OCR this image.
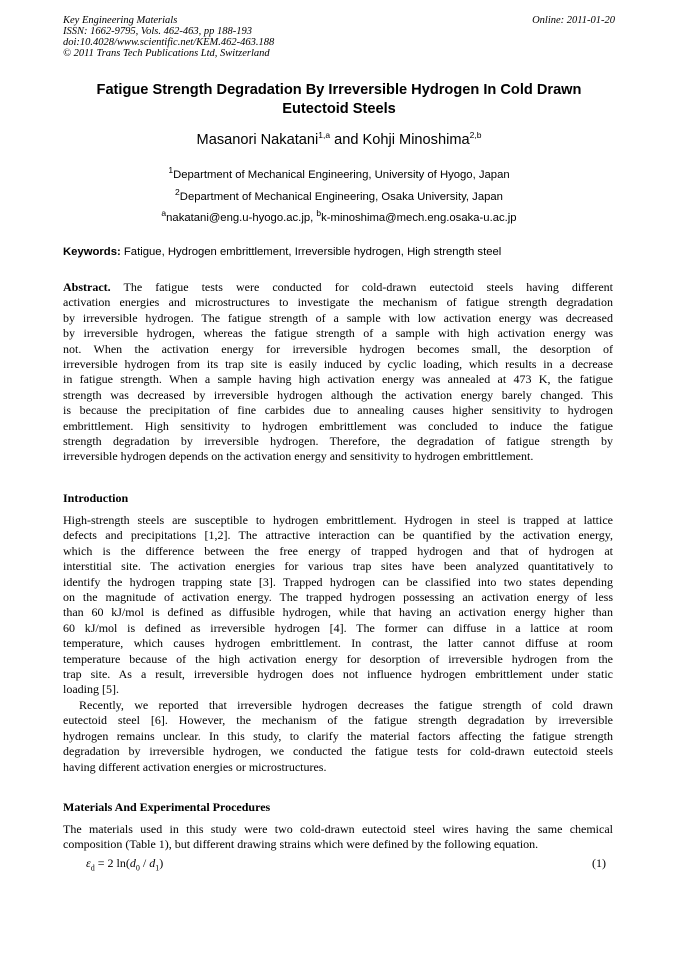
Key Engineering Materials
ISSN: 1662-9795, Vols. 462-463, pp 188-193
doi:10.4028/www.scientific.net/KEM.462-463.188
© 2011 Trans Tech Publications Ltd, Switzerland
Online: 2011-01-20
Fatigue Strength Degradation By Irreversible Hydrogen In Cold Drawn
Eutectoid Steels
Masanori Nakatani$^{1,a}$ and Kohji Minoshima$^{2,b}$
$^1$Department of Mechanical Engineering, University of Hyogo, Japan
$^2$Department of Mechanical Engineering, Osaka University, Japan
$^a$nakatani@eng.u-hyogo.ac.jp, $^b$k-minoshima@mech.eng.osaka-u.ac.jp
Keywords: Fatigue, Hydrogen embrittlement, Irreversible hydrogen, High strength steel
Abstract. The fatigue tests were conducted for cold-drawn eutectoid steels having different
activation energies and microstructures to investigate the mechanism of fatigue strength degradation
by irreversible hydrogen. The fatigue strength of a sample with low activation energy was decreased
by irreversible hydrogen, whereas the fatigue strength of a sample with high activation energy was
not. When the activation energy for irreversible hydrogen becomes small, the desorption of
irreversible hydrogen from its trap site is easily induced by cyclic loading, which results in a decrease
in fatigue strength. When a sample having high activation energy was annealed at 473 K, the fatigue
strength was decreased by irreversible hydrogen although the activation energy barely changed. This
is because the precipitation of fine carbides due to annealing causes higher sensitivity to hydrogen
embrittlement. High sensitivity to hydrogen embrittlement was concluded to induce the fatigue
strength degradation by irreversible hydrogen. Therefore, the degradation of fatigue strength by
irreversible hydrogen depends on the activation energy and sensitivity to hydrogen embrittlement.
Introduction
High-strength steels are susceptible to hydrogen embrittlement. Hydrogen in steel is trapped at lattice
defects and precipitations [1,2]. The attractive interaction can be quantified by the activation energy,
which is the difference between the free energy of trapped hydrogen and that of hydrogen at
interstitial site. The activation energies for various trap sites have been analyzed quantitatively to
identify the hydrogen trapping state [3]. Trapped hydrogen can be classified into two states depending
on the magnitude of activation energy. The trapped hydrogen possessing an activation energy of less
than 60 kJ/mol is defined as diffusible hydrogen, while that having an activation energy higher than
60 kJ/mol is defined as irreversible hydrogen [4]. The former can diffuse in a lattice at room
temperature, which causes hydrogen embrittlement. In contrast, the latter cannot diffuse at room
temperature because of the high activation energy for desorption of irreversible hydrogen from the
trap site. As a result, irreversible hydrogen does not influence hydrogen embrittlement under static
loading [5].
Recently, we reported that irreversible hydrogen decreases the fatigue strength of cold drawn
eutectoid steel [6]. However, the mechanism of the fatigue strength degradation by irreversible
hydrogen remains unclear. In this study, to clarify the material factors affecting the fatigue strength
degradation by irreversible hydrogen, we conducted the fatigue tests for cold-drawn eutectoid steels
having different activation energies or microstructures.
Materials And Experimental Procedures
The materials used in this study were two cold-drawn eutectoid steel wires having the same chemical
composition (Table 1), but different drawing strains which were defined by the following equation.
$\varepsilon_d = 2$ $\ln(d_0 / d_1)$	(1)
